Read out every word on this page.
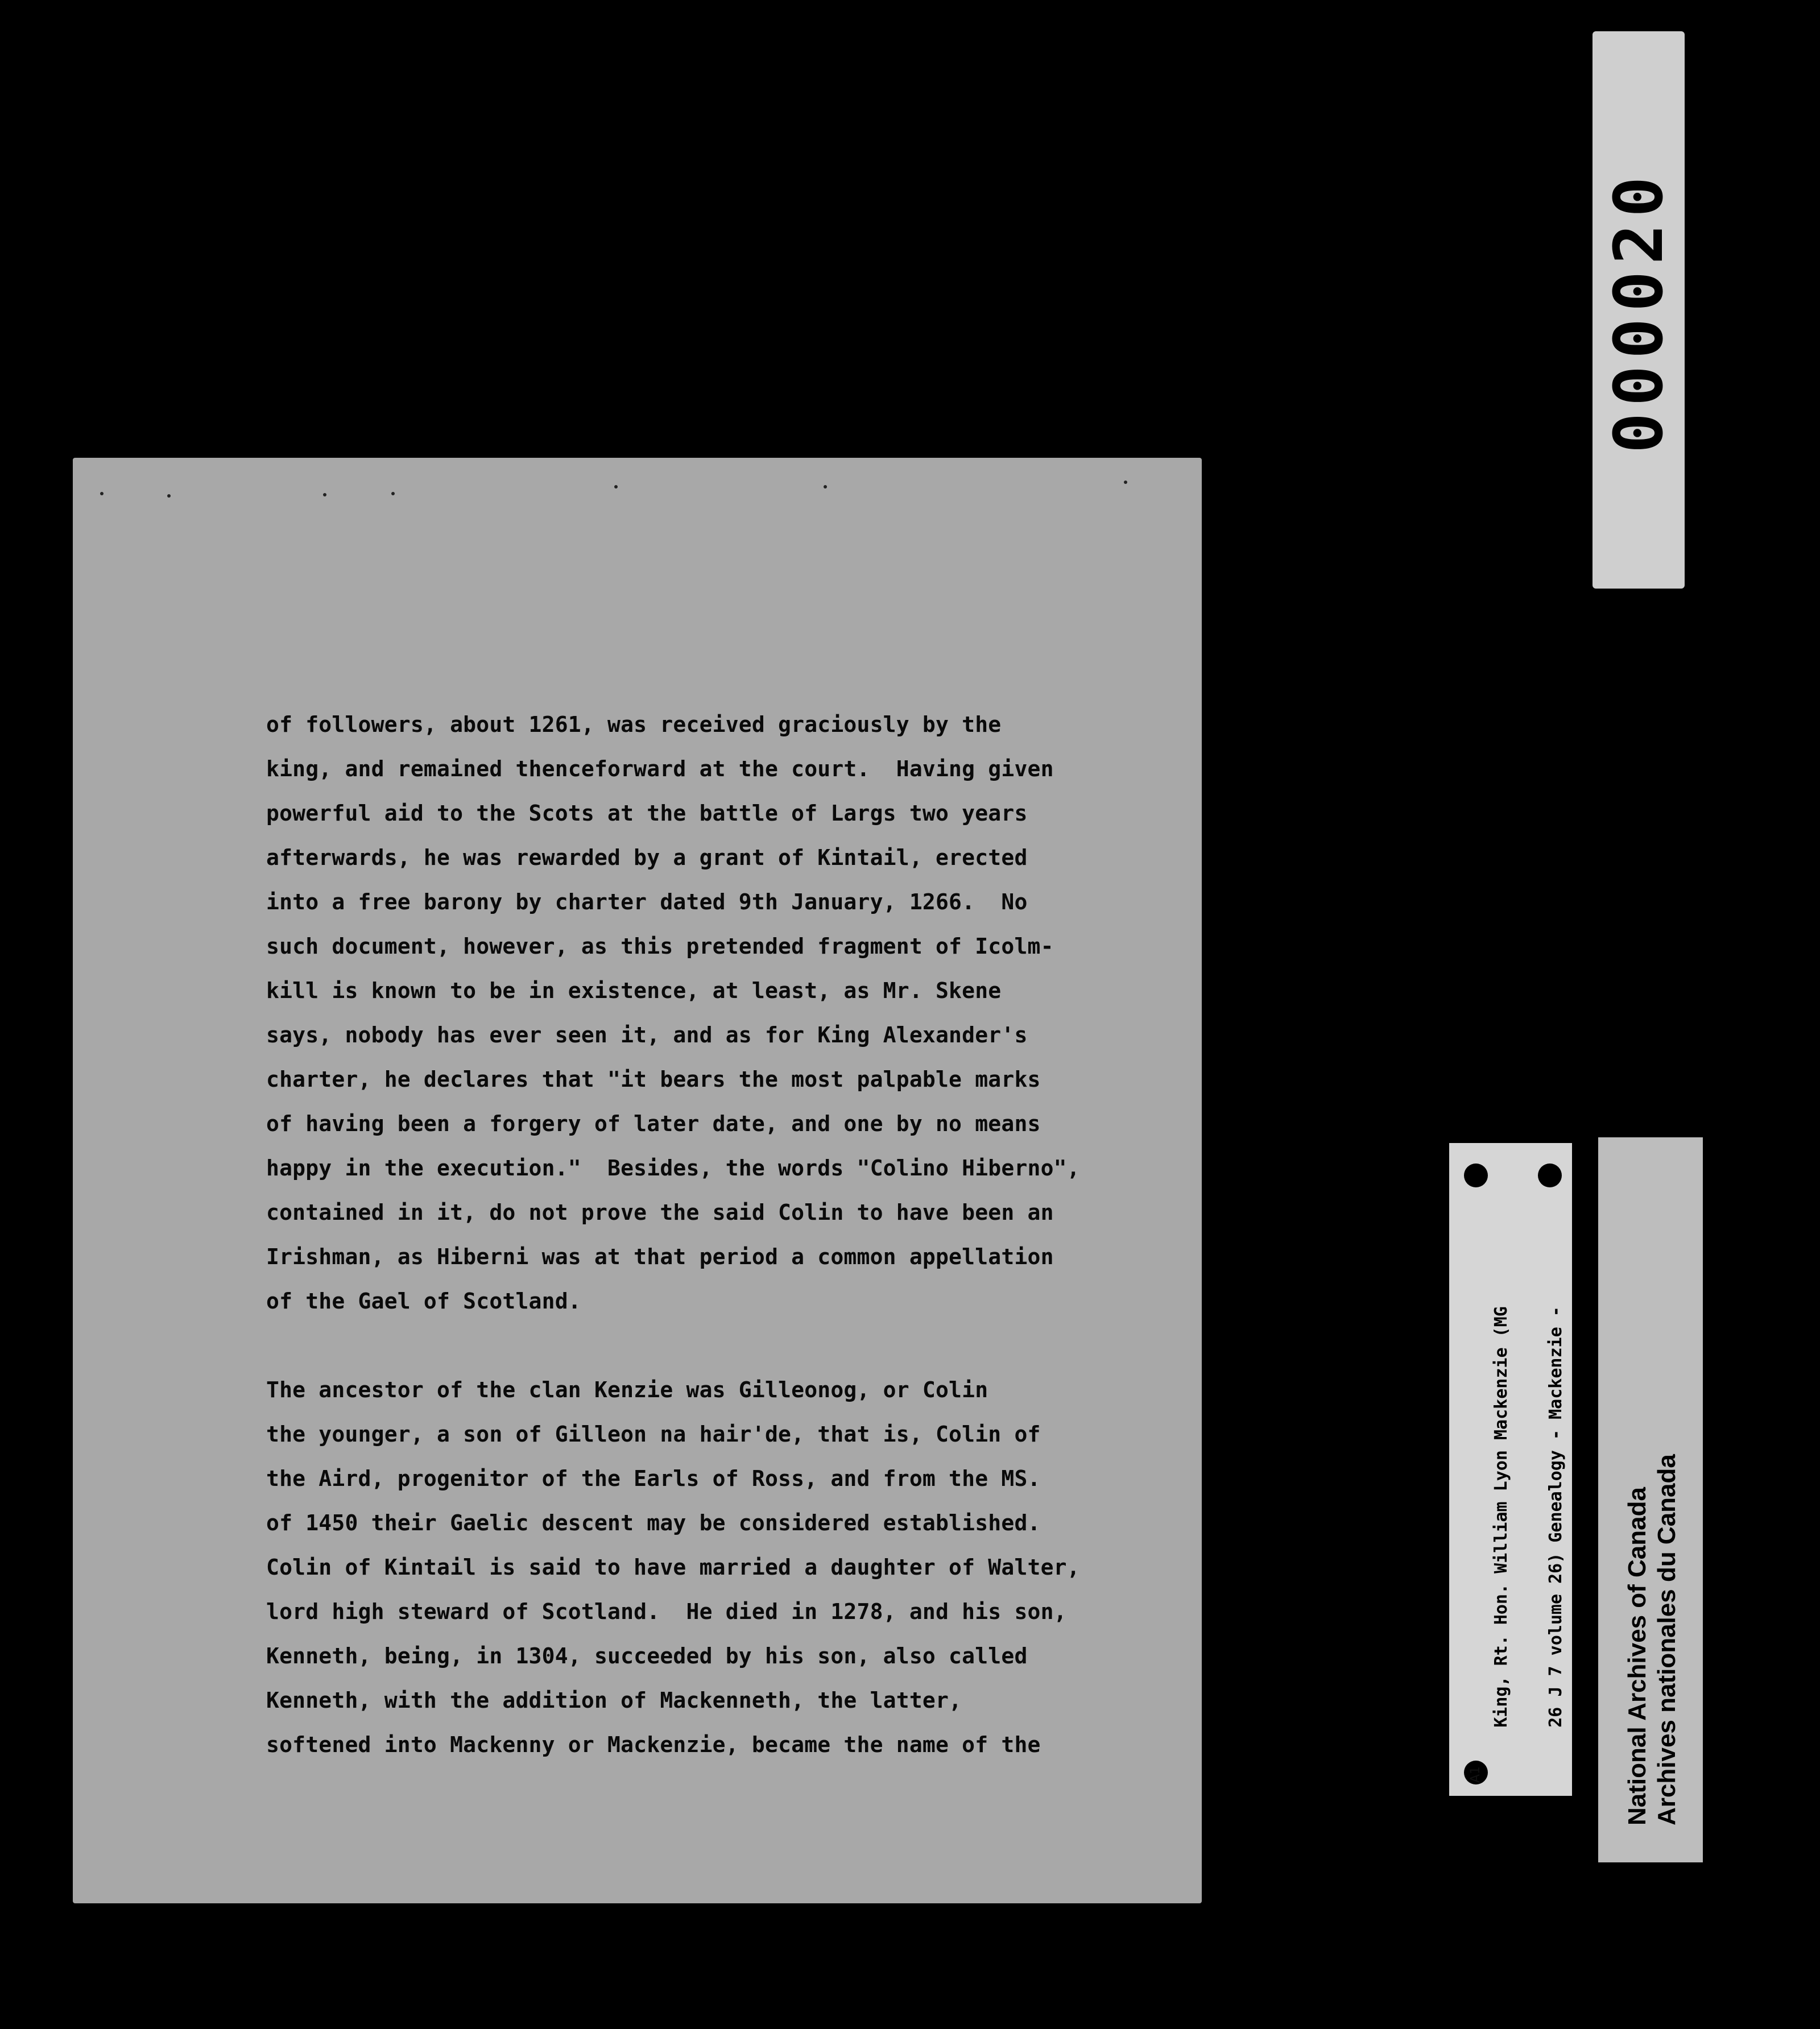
of followers, about 1261, was received graciously by the
king, and remained thenceforward at the court.  Having given
powerful aid to the Scots at the battle of Largs two years
afterwards, he was rewarded by a grant of Kintail, erected
into a free barony by charter dated 9th January, 1266.  No
such document, however, as this pretended fragment of Icolm-
kill is known to be in existence, at least, as Mr. Skene
says, nobody has ever seen it, and as for King Alexander's
charter, he declares that "it bears the most palpable marks
of having been a forgery of later date, and one by no means
happy in the execution."  Besides, the words "Colino Hiberno",
contained in it, do not prove the said Colin to have been an
Irishman, as Hiberni was at that period a common appellation
of the Gael of Scotland.
The ancestor of the clan Kenzie was Gilleonog, or Colin
the younger, a son of Gilleon na hair'de, that is, Colin of
the Aird, progenitor of the Earls of Ross, and from the MS.
of 1450 their Gaelic descent may be considered established.
Colin of Kintail is said to have married a daughter of Walter,
lord high steward of Scotland.  He died in 1278, and his son,
Kenneth, being, in 1304, succeeded by his son, also called
Kenneth, with the addition of Mackenneth, the latter,
softened into Mackenny or Mackenzie, became the name of the
000020

King, Rt. Hon. William Lyon Mackenzie (MG 26 J 7 volume 26) Genealogy - Mackenzie -

A1	National Archives of Canada Archives nationales du Canada
